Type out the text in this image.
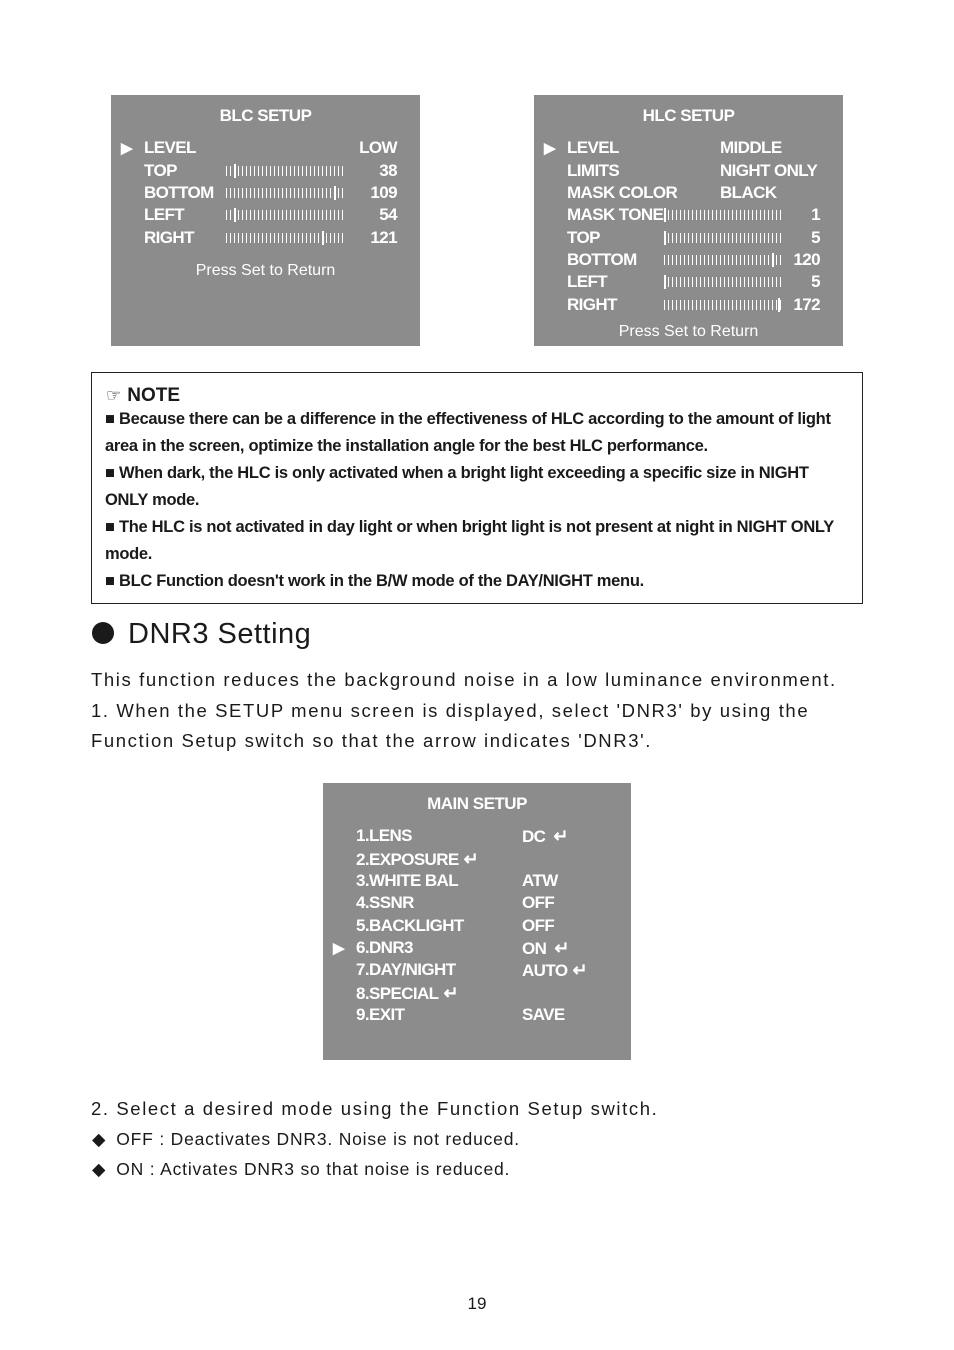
BLC SETUP
▶ LEVEL	LOW
TOP	38
BOTTOM	109
LEFT	54
RIGHT	121
Press Set to Return
HLC SETUP
▶ LEVEL	MIDDLE
LIMITS	NIGHT ONLY
MASK COLOR	BLACK
MASK TONE	1
TOP	5
BOTTOM	120
LEFT	5
RIGHT	172
Press Set to Return
☞ NOTE

■ Because there can be a difference in the effectiveness of HLC according to the amount of light area in the screen, optimize the installation angle for the best HLC performance.

■ When dark, the HLC is only activated when a bright light exceeding a specific size in NIGHT ONLY mode.

■ The HLC is not activated in day light or when bright light is not present at night in NIGHT ONLY mode.

■ BLC Function doesn't work in the B/W mode of the DAY/NIGHT menu.

DNR3 Setting
This function reduces the background noise in a low luminance environment.
1. When the SETUP menu screen is displayed, select 'DNR3' by using the
Function Setup switch so that the arrow indicates 'DNR3'.
MAIN SETUP
1.LENS	DC ↵
2.EXPOSURE ↵
3.WHITE BAL	ATW
4.SSNR	OFF
5.BACKLIGHT	OFF
▶ 6.DNR3	ON ↵
7.DAY/NIGHT	AUTO ↵
8.SPECIAL ↵
9.EXIT	SAVE
2. Select a desired mode using the Function Setup switch.
◆ OFF : Deactivates DNR3. Noise is not reduced.
◆ ON : Activates DNR3 so that noise is reduced.
19
